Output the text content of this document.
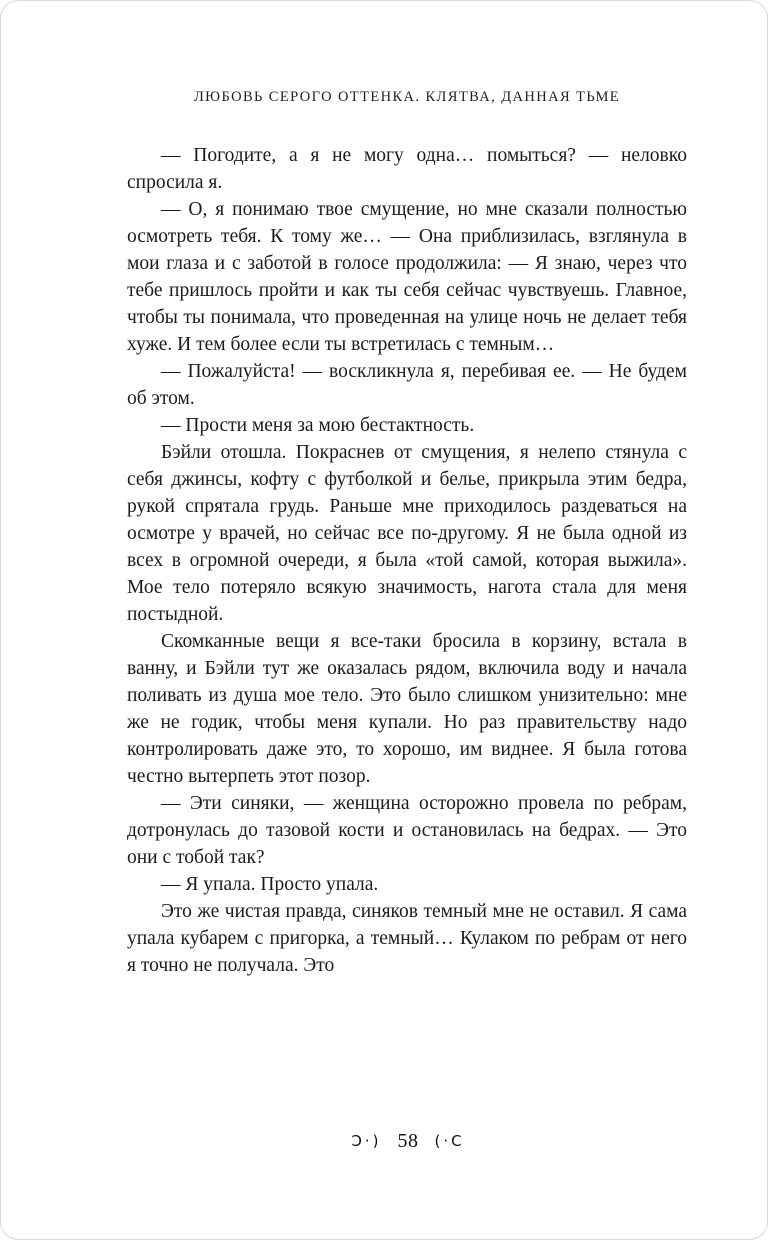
ЛЮБОВЬ СЕРОГО ОТТЕНКА. КЛЯТВА, ДАННАЯ ТЬМЕ

— Погодите, а я не могу одна… помыться? — неловко спросила я.

— О, я понимаю твое смущение, но мне сказали полностью осмотреть тебя. К тому же… — Она приблизилась, взглянула в мои глаза и с заботой в голосе продолжила: — Я знаю, через что тебе пришлось пройти и как ты себя сейчас чувствуешь. Главное, чтобы ты понимала, что проведенная на улице ночь не делает тебя хуже. И тем более если ты встретилась с темным…

— Пожалуйста! — воскликнула я, перебивая ее. — Не будем об этом.

— Прости меня за мою бестактность.

Бэйли отошла. Покраснев от смущения, я нелепо стянула с себя джинсы, кофту с футболкой и белье, прикрыла этим бедра, рукой спрятала грудь. Раньше мне приходилось раздеваться на осмотре у врачей, но сейчас все по-другому. Я не была одной из всех в огромной очереди, я была «той самой, которая выжила». Мое тело потеряло всякую значимость, нагота стала для меня постыдной.

Скомканные вещи я все-таки бросила в корзину, встала в ванну, и Бэйли тут же оказалась рядом, включила воду и начала поливать из душа мое тело. Это было слишком унизительно: мне же не годик, чтобы меня купали. Но раз правительству надо контролировать даже это, то хорошо, им виднее. Я была готова честно вытерпеть этот позор.

— Эти синяки, — женщина осторожно провела по ребрам, дотронулась до тазовой кости и остановилась на бедрах. — Это они с тобой так?

— Я упала. Просто упала.

Это же чистая правда, синяков темный мне не оставил. Я сама упала кубарем с пригорка, а темный… Кулаком по ребрам от него я точно не получала. Это

Ɔ·) 58 (·C
